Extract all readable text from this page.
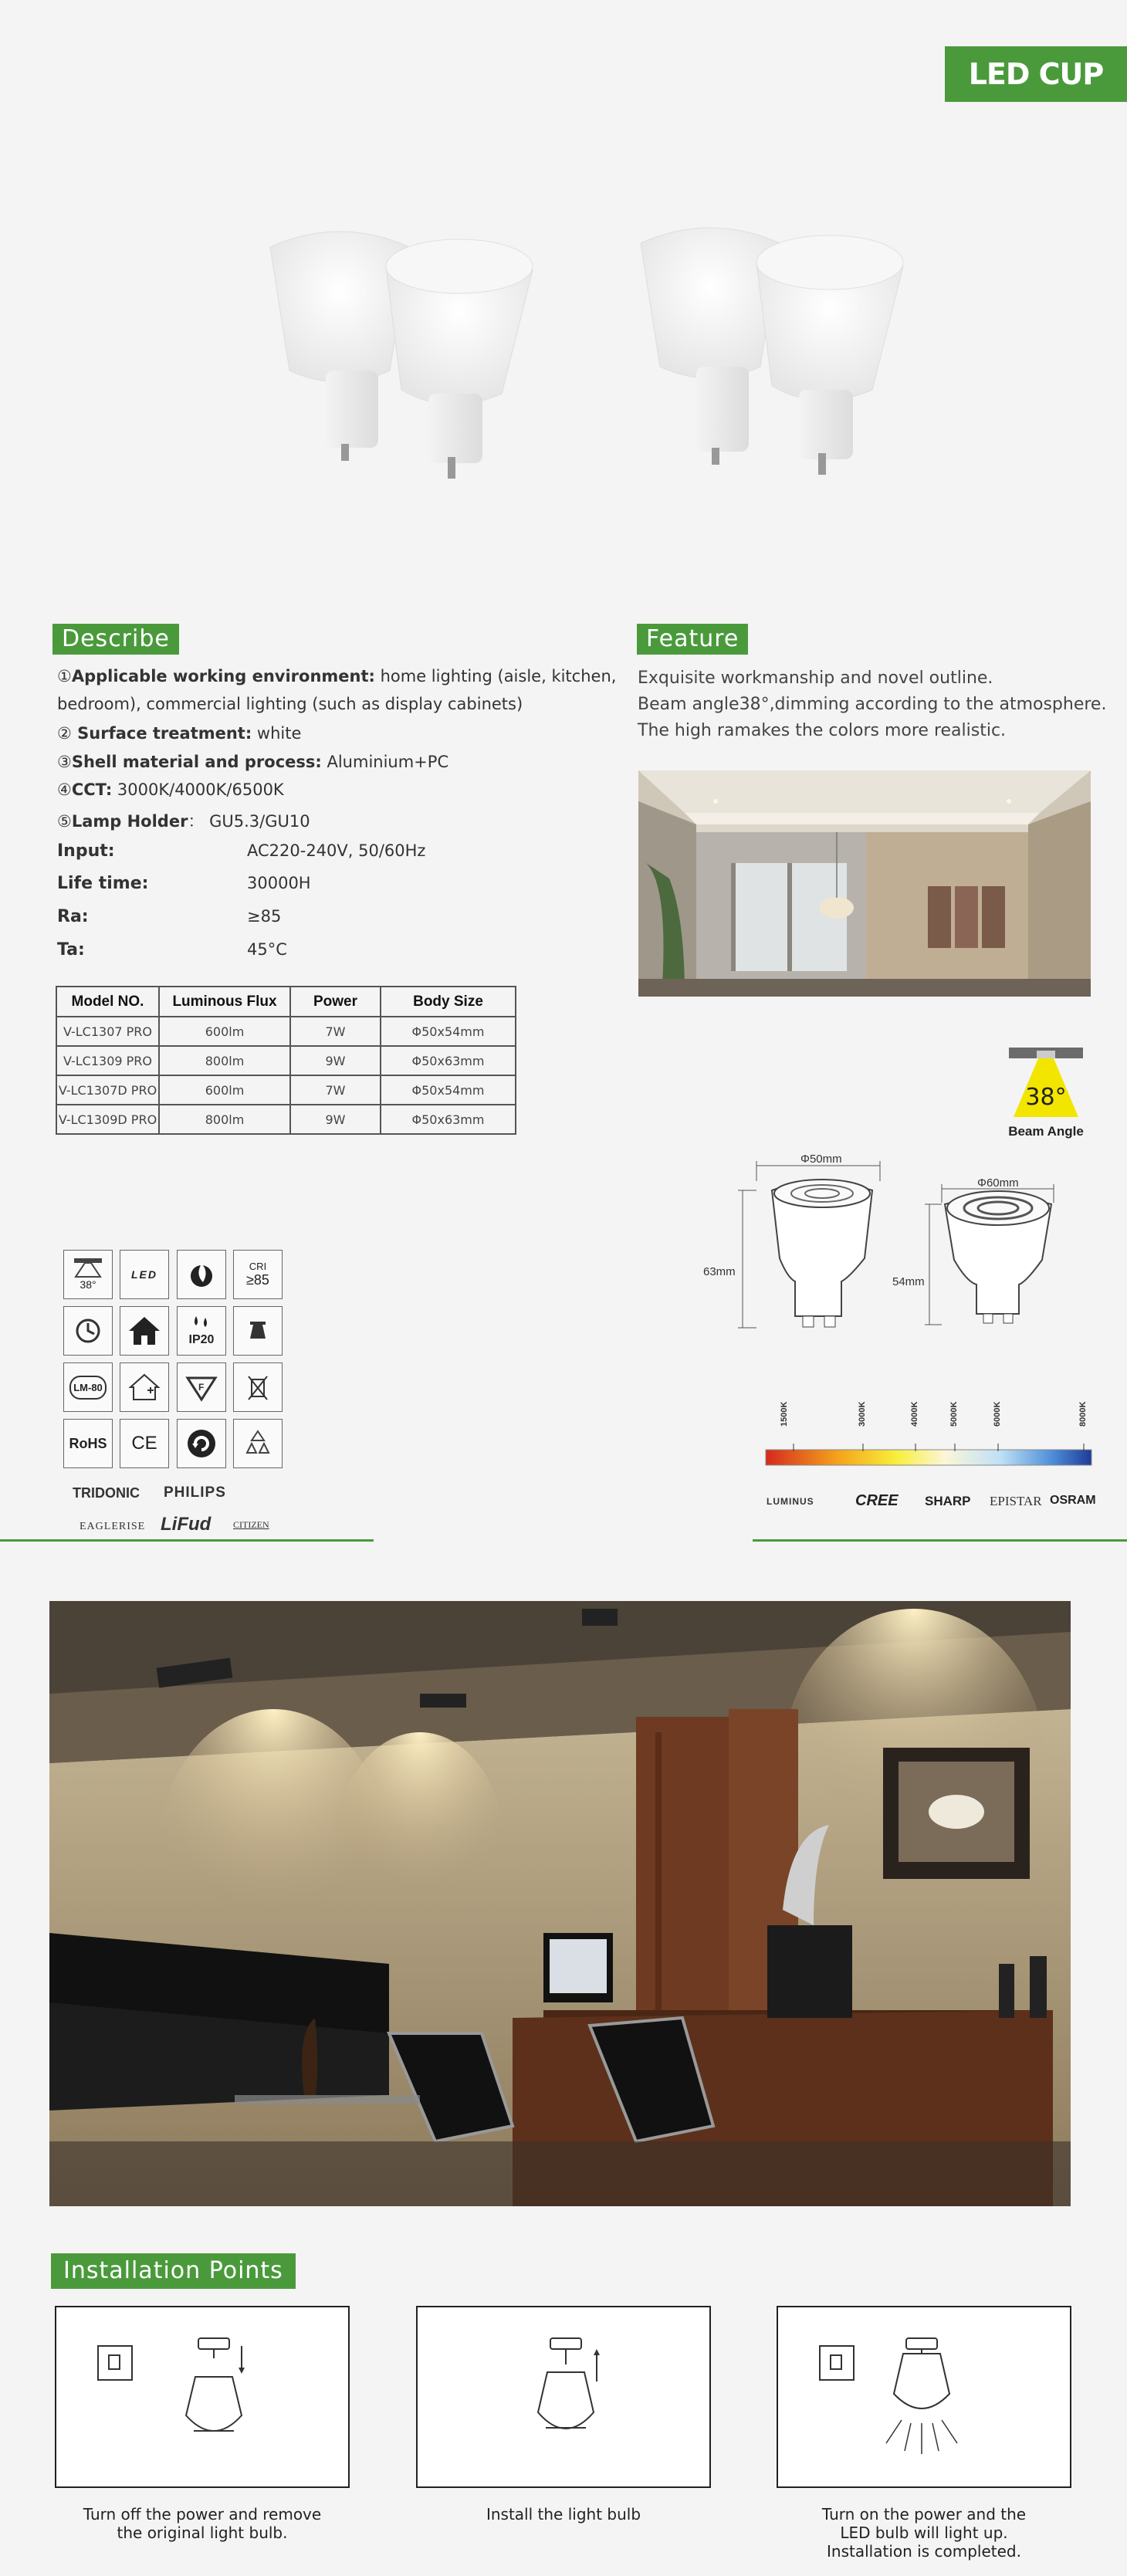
LED CUP
Describe
①Applicable working environment: home lighting (aisle, kitchen,
bedroom), commercial lighting (such as display cabinets)
② Surface treatment: white
③Shell material and process: Aluminium+PC
④CCT: 3000K/4000K/6500K
⑤Lamp Holder： GU5.3/GU10
Input:	AC220-240V, 50/60Hz
Life time:	30000H
Ra:	≥85
Ta:	45°C
Model NO.	Luminous Flux	Power	Body Size
V-LC1307 PRO	600lm	7W	Φ50x54mm
V-LC1309 PRO	800lm	9W	Φ50x63mm
V-LC1307D PRO	600lm	7W	Φ50x54mm
V-LC1309D PRO	800lm	9W	Φ50x63mm
Feature
Exquisite workmanship and novel outline.
Beam angle38°,dimming according to the atmosphere.
The high ramakes the colors more realistic.
38°
Beam Angle
Φ50mm
63mm
Φ60mm
54mm
1500K	3000K	4000K	5000K	6000K	8000K
LUMINUS	CREE SHARP EPISTAR OSRAM
38°
LED
CRI
≥85
IP20
LM-80	F
RoHS CE
TRIDONIC PHILIPS
EAGLERISE LiFud CITIZEN
Installation Points
Turn off the power and remove
the original light bulb.
Install the light bulb	Turn on the power and the
LED bulb will light up.
Installation is completed.
